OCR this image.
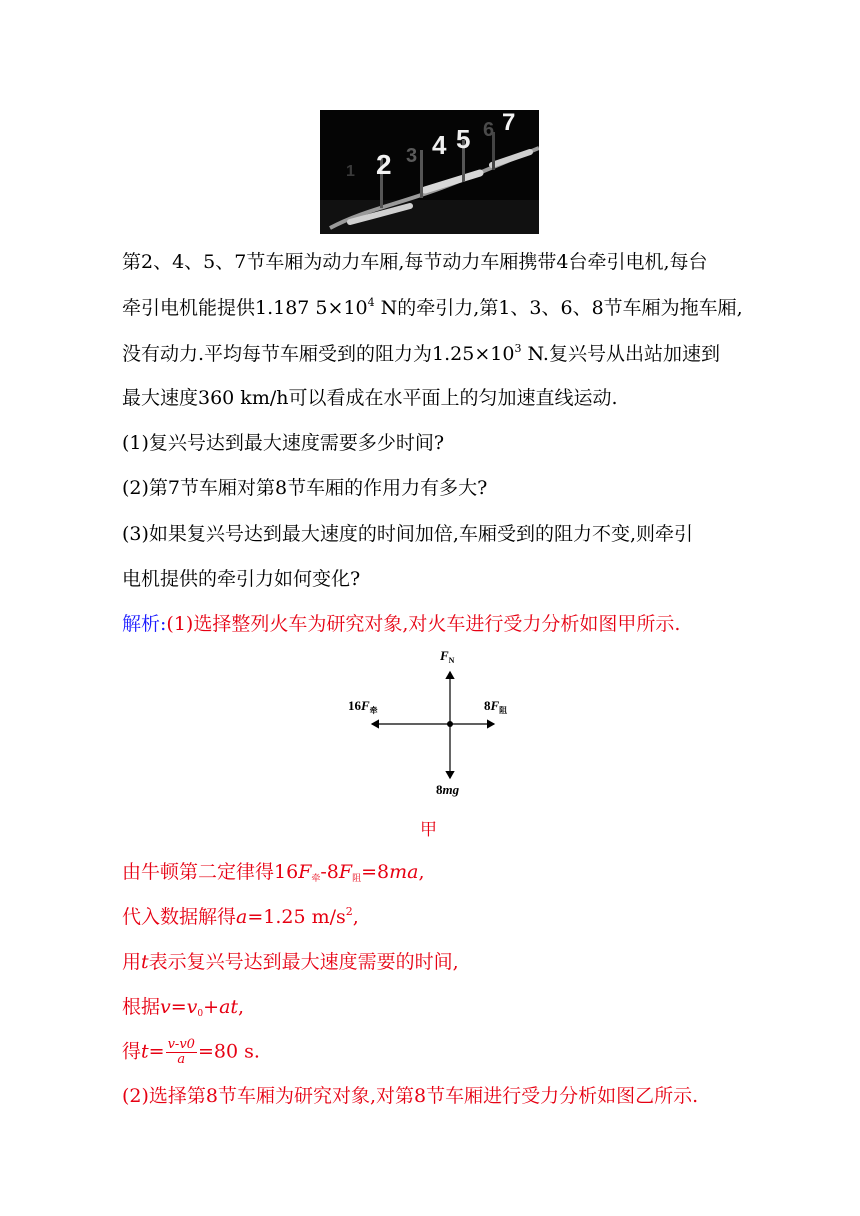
1 2 3 4 5 6 7
第2、4、5、7节车厢为动力车厢,每节动力车厢携带4台牵引电机,每台
牵引电机能提供1.187 $5\times 10^4$ N的牵引力,第1、3、6、8节车厢为拖车厢,
没有动力.平均每节车厢受到的阻力为$1.25\times 10^3$ N.复兴号从出站加速到
最大速度360 km/h可以看成在水平面上的匀加速直线运动.
(1)复兴号达到最大速度需要多少时间?
(2)第7节车厢对第8节车厢的作用力有多大?
(3)如果复兴号达到最大速度的时间加倍,车厢受到的阻力不变,则牵引
电机提供的牵引力如何变化?
解析:(1)选择整列火车为研究对象,对火车进行受力分析如图甲所示.
$F_N$
$16F_牵$	$8F_阻$
8mg
甲
由牛顿第二定律得$16F_牵-8F_阻=8ma$,
代入数据解得a=1.25 $m/s^2$,
用t表示复兴号达到最大速度需要的时间,
根据$v=v_0+at$,
得$t= \frac{v-v0}{a} =80$ s.
(2)选择第8节车厢为研究对象,对第8节车厢进行受力分析如图乙所示.
